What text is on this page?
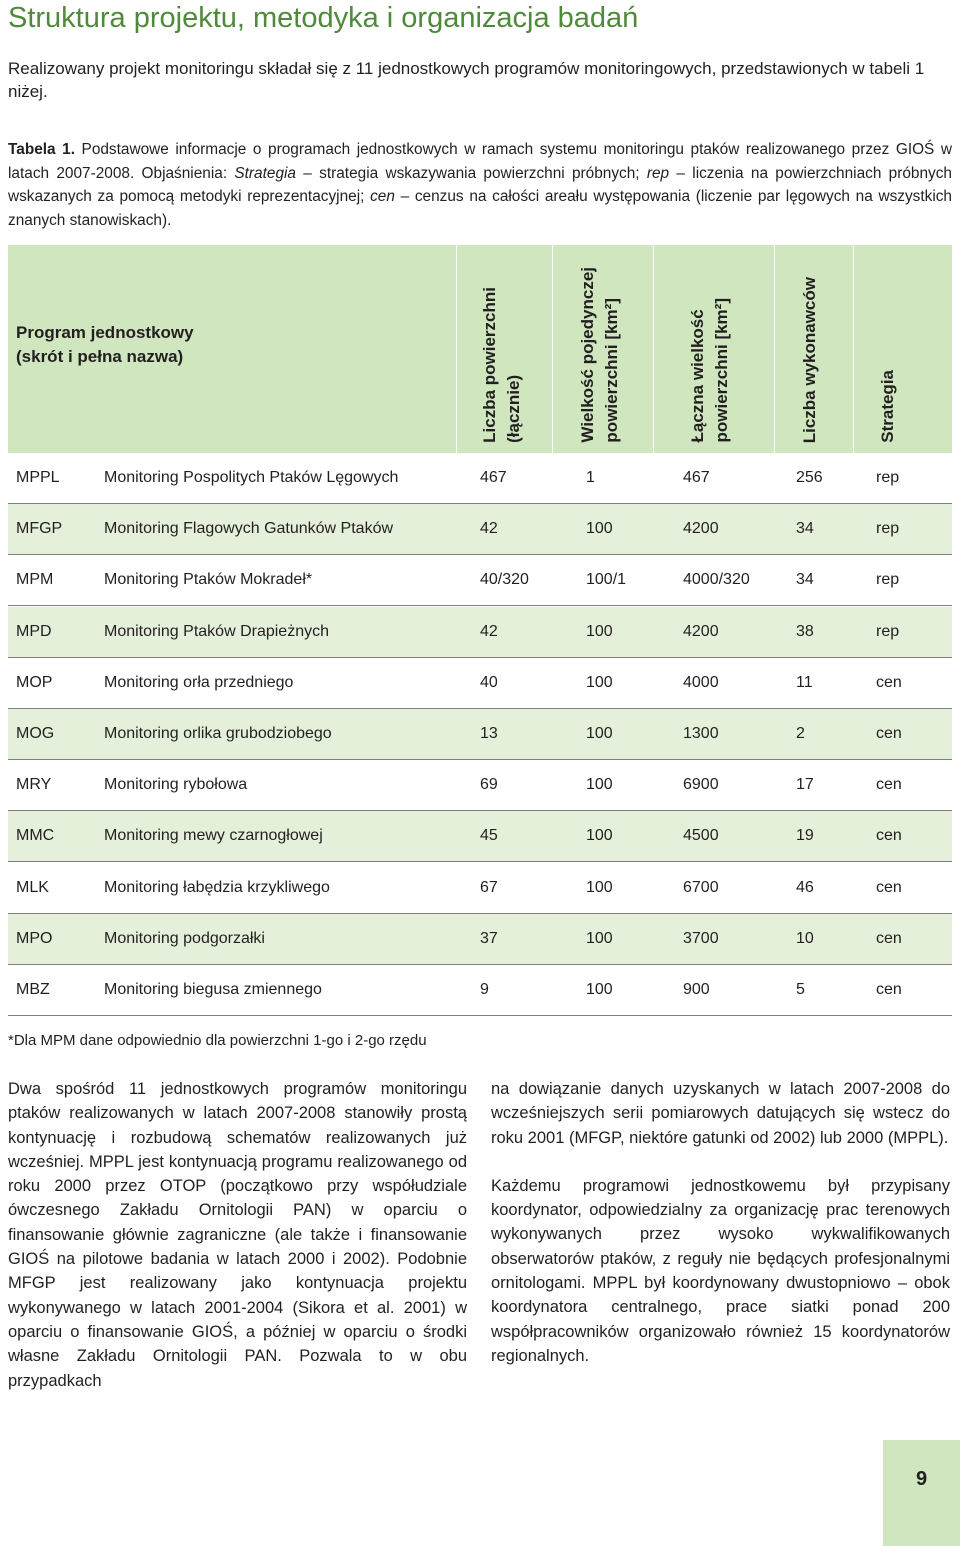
Struktura projektu, metodyka i organizacja badań
Realizowany projekt monitoringu składał się z 11 jednostkowych programów monitoringowych, przedstawionych w tabeli 1 niżej.
Tabela 1. Podstawowe informacje o programach jednostkowych w ramach systemu monitoringu ptaków realizowanego przez GIOŚ w latach 2007-2008. Objaśnienia: Strategia – strategia wskazywania powierzchni próbnych; rep – liczenia na powierzchniach próbnych wskazanych za pomocą metodyki reprezentacyjnej; cen – cenzus na całości areału występowania (liczenie par lęgowych na wszystkich znanych stanowiskach).
Program jednostkowy
(skrót i pełna nazwa)	Liczba powierzchni (łącznie)	Wielkość pojedynczej powierzchni [km²]	Łączna wielkość powierzchni [km²]	Liczba wykonawców	Strategia
MPPL	Monitoring Pospolitych Ptaków Lęgowych	467	1	467	256	rep
MFGP	Monitoring Flagowych Gatunków Ptaków	42	100	4200	34	rep
MPM	Monitoring Ptaków Mokradeł*	40/320	100/1	4000/320	34	rep
MPD	Monitoring Ptaków Drapieżnych	42	100	4200	38	rep
MOP	Monitoring orła przedniego	40	100	4000	11	cen
MOG	Monitoring orlika grubodziobego	13	100	1300	2	cen
MRY	Monitoring rybołowa	69	100	6900	17	cen
MMC	Monitoring mewy czarnogłowej	45	100	4500	19	cen
MLK	Monitoring łabędzia krzykliwego	67	100	6700	46	cen
MPO	Monitoring podgorzałki	37	100	3700	10	cen
MBZ	Monitoring biegusa zmiennego	9	100	900	5	cen
*Dla MPM dane odpowiednio dla powierzchni 1-go i 2-go rzędu

Dwa spośród 11 jednostkowych programów monitoringu ptaków realizowanych w latach 2007-2008 stanowiły prostą kontynuację i rozbudową schematów realizowanych już wcześniej. MPPL jest kontynuacją programu realizowanego od roku 2000 przez OTOP (początkowo przy współudziale ówczesnego Zakładu Ornitologii PAN) w oparciu o finansowanie głównie zagraniczne (ale także i finansowanie GIOŚ na pilotowe badania w latach 2000 i 2002). Podobnie MFGP jest realizowany jako kontynuacja projektu wykonywanego w latach 2001-2004 (Sikora et al. 2001) w oparciu o finansowanie GIOŚ, a później w oparciu o środki własne Zakładu Ornitologii PAN. Pozwala to w obu przypadkach

na dowiązanie danych uzyskanych w latach 2007-2008 do wcześniejszych serii pomiarowych datujących się wstecz do roku 2001 (MFGP, niektóre gatunki od 2002) lub 2000 (MPPL).

Każdemu programowi jednostkowemu był przypisany koordynator, odpowiedzialny za organizację prac terenowych wykonywanych przez wysoko wykwalifikowanych obserwatorów ptaków, z reguły nie będących profesjonalnymi ornitologami. MPPL był koordynowany dwustopniowo – obok koordynatora centralnego, prace siatki ponad 200 współpracowników organizowało również 15 koordynatorów regionalnych.

9
